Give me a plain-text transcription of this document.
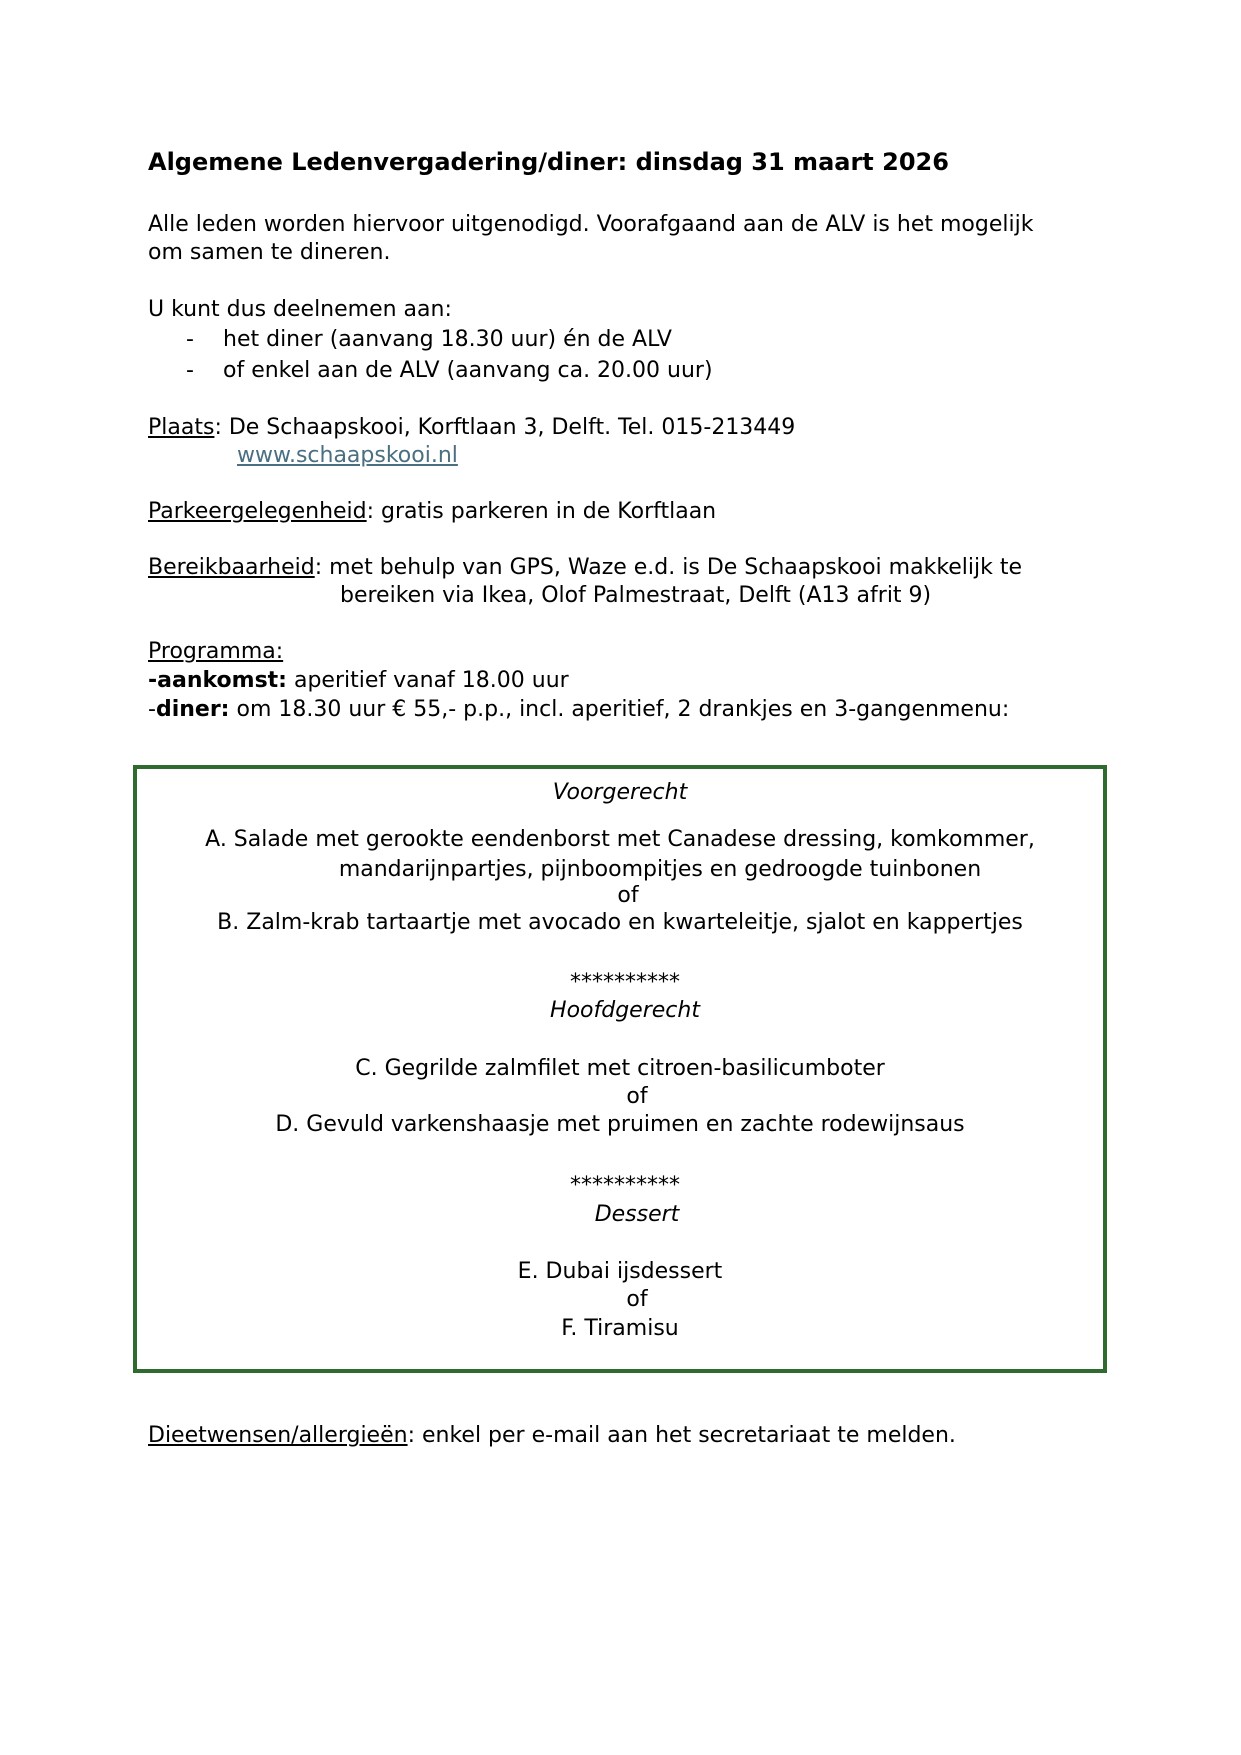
Algemene Ledenvergadering/diner: dinsdag 31 maart 2026
Alle leden worden hiervoor uitgenodigd. Voorafgaand aan de ALV is het mogelijk
om samen te dineren.
U kunt dus deelnemen aan:
- het diner (aanvang 18.30 uur) én de ALV
- of enkel aan de ALV (aanvang ca. 20.00 uur)
Plaats: De Schaapskooi, Korftlaan 3, Delft. Tel. 015-213449
www.schaapskooi.nl
Parkeergelegenheid: gratis parkeren in de Korftlaan
Bereikbaarheid: met behulp van GPS, Waze e.d. is De Schaapskooi makkelijk te
bereiken via Ikea, Olof Palmestraat, Delft (A13 afrit 9)
Programma:
-aankomst: aperitief vanaf 18.00 uur
-diner: om 18.30 uur € 55,- p.p., incl. aperitief, 2 drankjes en 3-gangenmenu:
Voorgerecht
A. Salade met gerookte eendenborst met Canadese dressing, komkommer,
mandarijnpartjes, pijnboompitjes en gedroogde tuinbonen
of
B. Zalm-krab tartaartje met avocado en kwarteleitje, sjalot en kappertjes
**********
Hoofdgerecht
C. Gegrilde zalmfilet met citroen-basilicumboter
of
D. Gevuld varkenshaasje met pruimen en zachte rodewijnsaus
**********
Dessert
E. Dubai ijsdessert
of
F. Tiramisu
Dieetwensen/allergieën: enkel per e-mail aan het secretariaat te melden.
